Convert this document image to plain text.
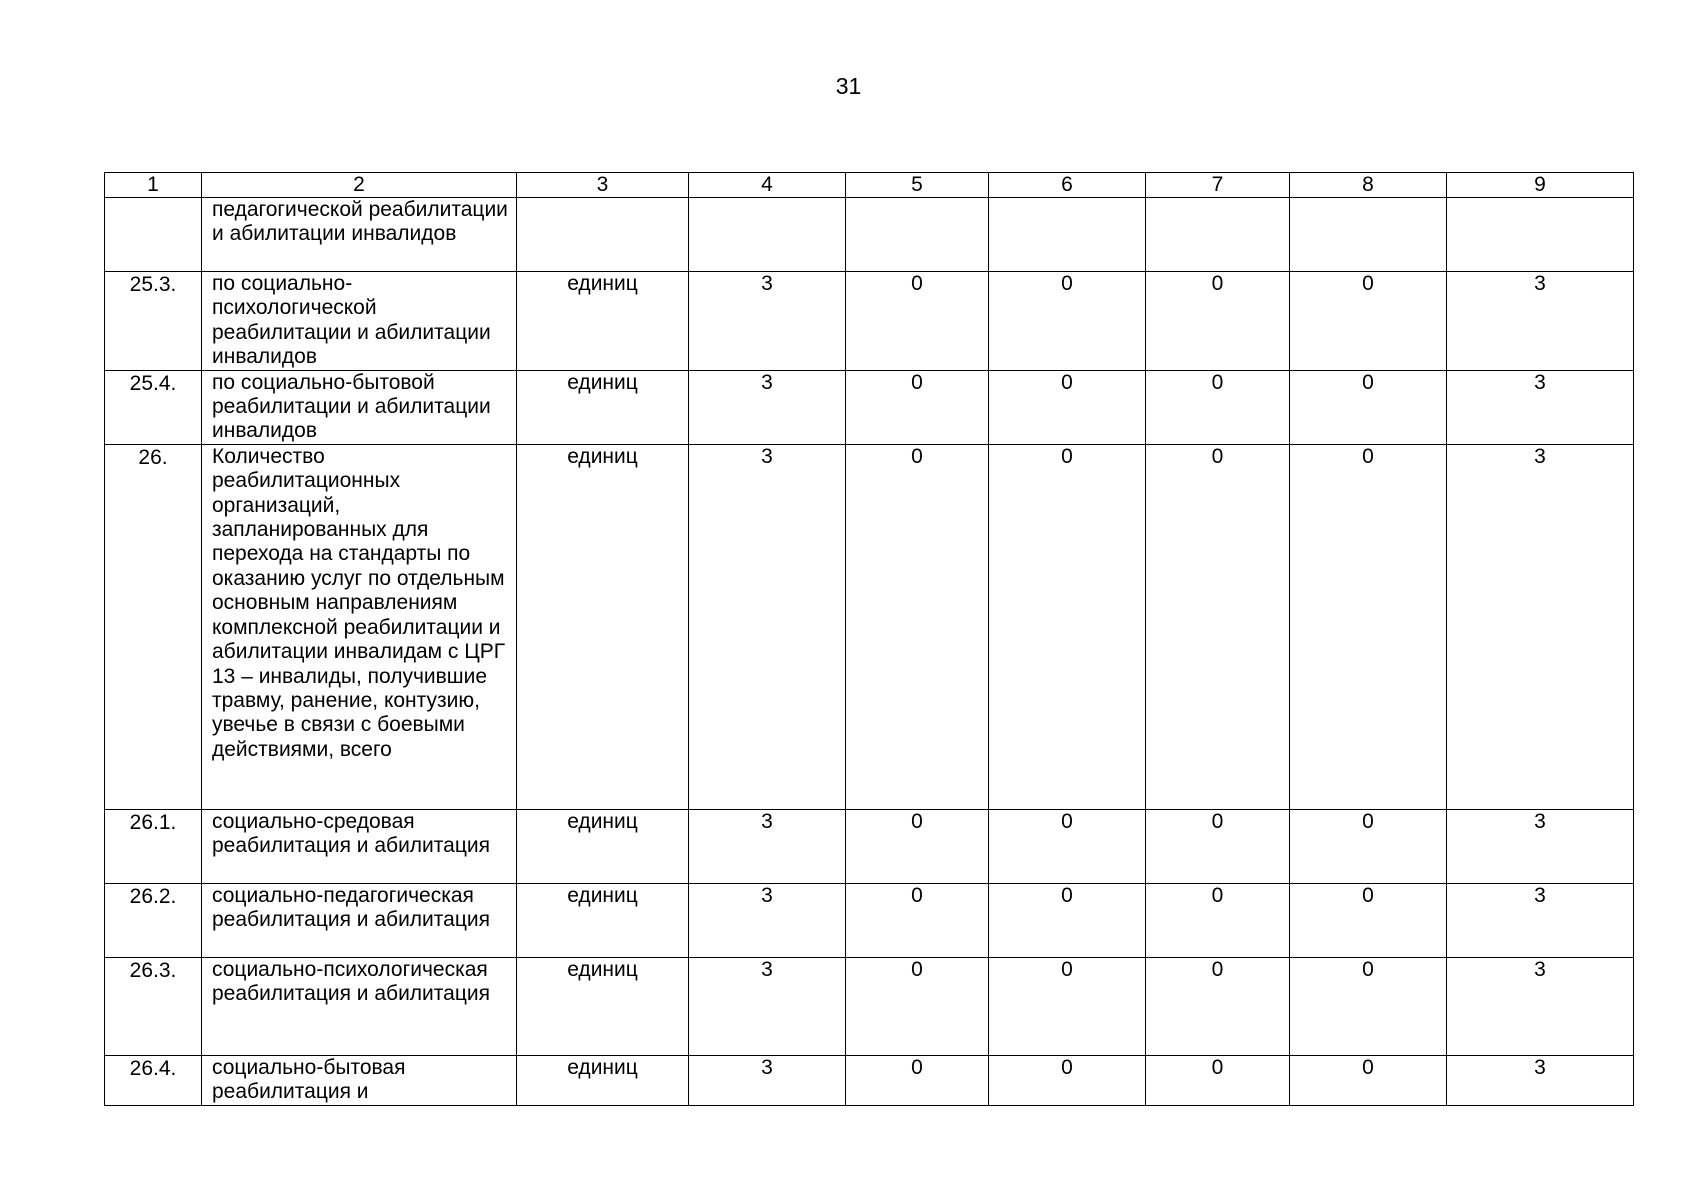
31
1	2	3	4	5	6	7	8	9
	педагогической реабилитации и абилитации инвалидов							
25.3.	по социально-психологической реабилитации и абилитации инвалидов	единиц	3	0	0	0	0	3
25.4.	по социально-бытовой реабилитации и абилитации инвалидов	единиц	3	0	0	0	0	3
26.	Количество реабилитационных организаций, запланированных для перехода на стандарты по оказанию услуг по отдельным основным направлениям комплексной реабилитации и абилитации инвалидам с ЦРГ 13 – инвалиды, получившие травму, ранение, контузию, увечье в связи с боевыми действиями, всего	единиц	3	0	0	0	0	3
26.1.	социально-средовая реабилитация и абилитация	единиц	3	0	0	0	0	3
26.2.	социально-педагогическая реабилитация и абилитация	единиц	3	0	0	0	0	3
26.3.	социально-психологическая реабилитация и абилитация	единиц	3	0	0	0	0	3
26.4.	социально-бытовая реабилитация и	единиц	3	0	0	0	0	3
